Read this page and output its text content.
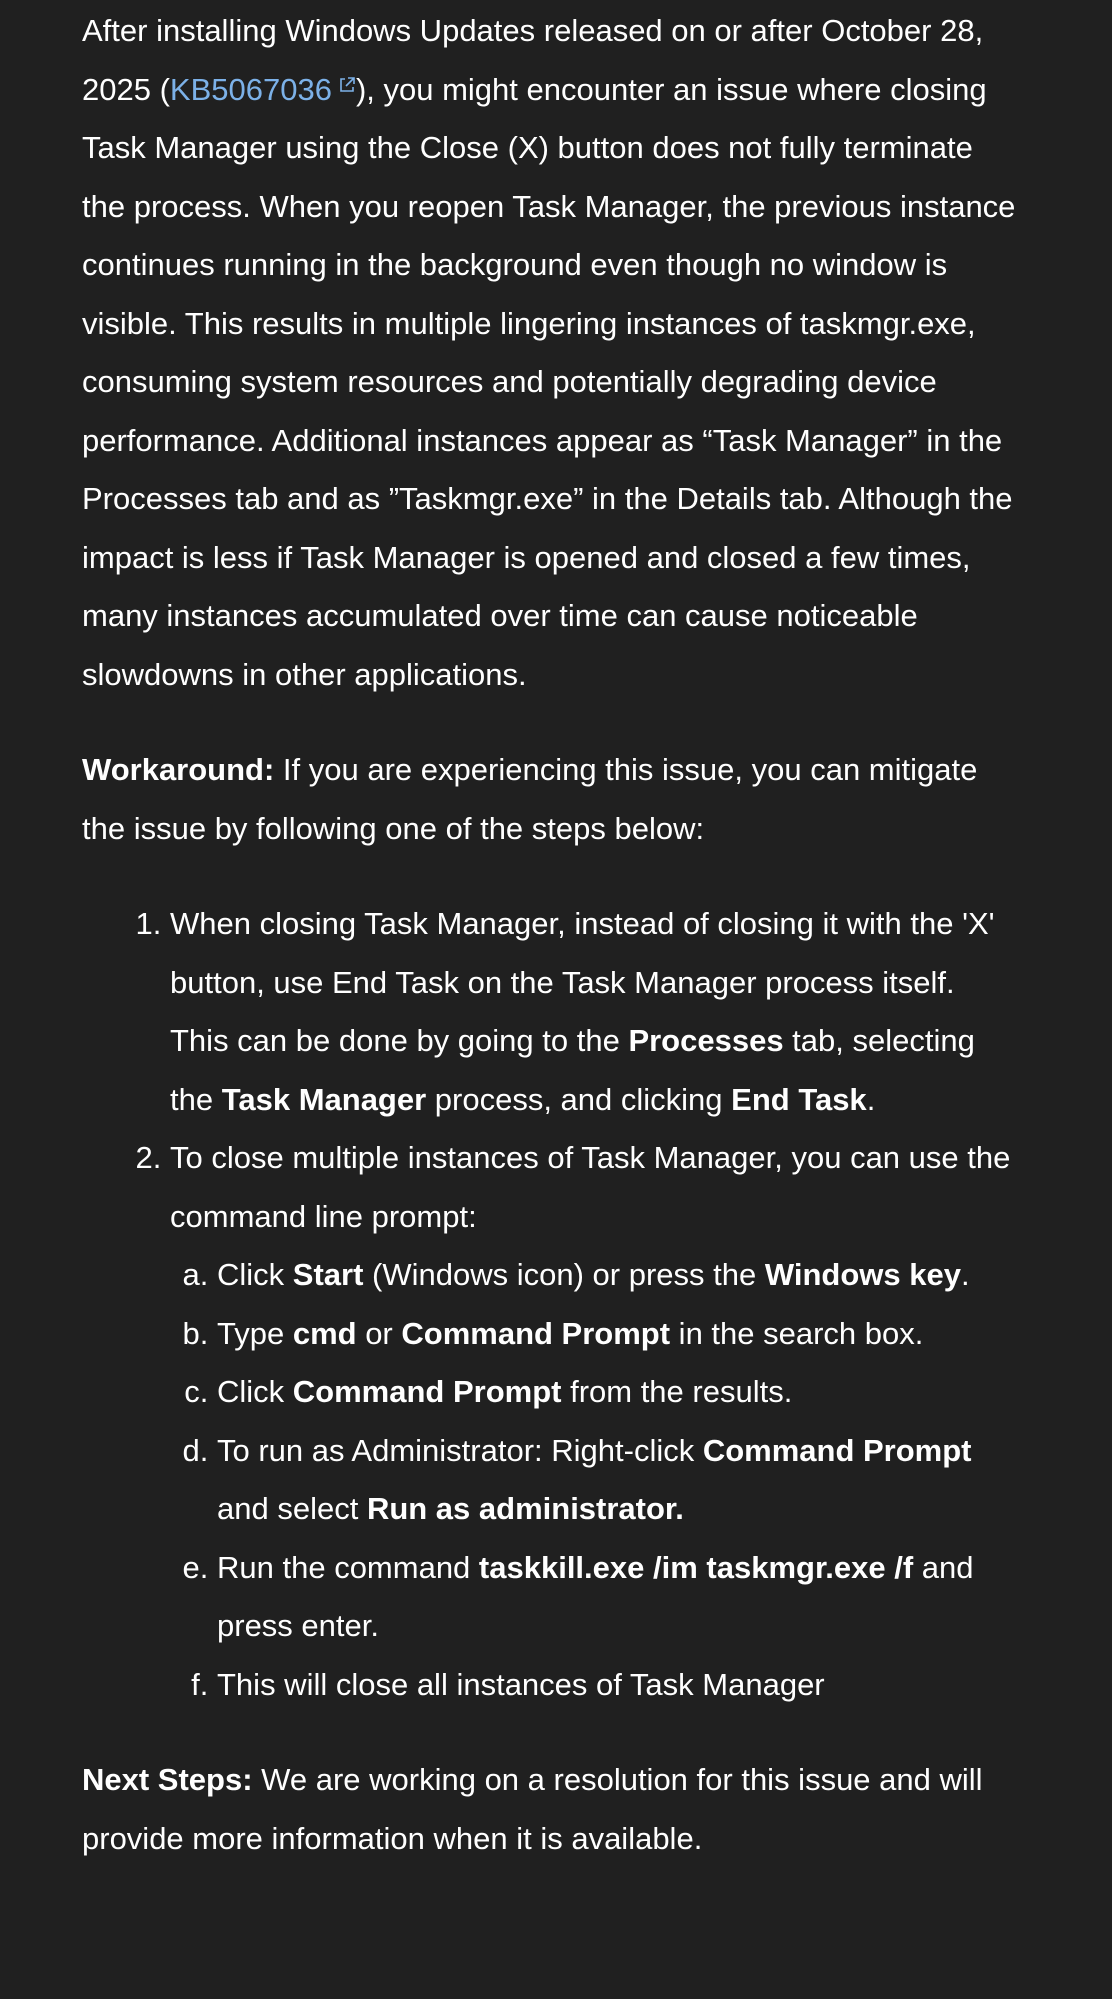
After installing Windows Updates released on or after October 28, 2025 (KB5067036 ), you might encounter an issue where closing Task Manager using the Close (X) button does not fully terminate the process. When you reopen Task Manager, the previous instance continues running in the background even though no window is visible. This results in multiple lingering instances of taskmgr.exe, consuming system resources and potentially degrading device performance. Additional instances appear as “Task Manager” in the Processes tab and as ”Taskmgr.exe” in the Details tab. Although the impact is less if Task Manager is opened and closed a few times, many instances accumulated over time can cause noticeable slowdowns in other applications.

Workaround: If you are experiencing this issue, you can mitigate the issue by following one of the steps below:

1. When closing Task Manager, instead of closing it with the 'X' button, use End Task on the Task Manager process itself. This can be done by going to the Processes tab, selecting the Task Manager process, and clicking End Task.
2. To close multiple instances of Task Manager, you can use the command line prompt:
a. Click Start (Windows icon) or press the Windows key.
b. Type cmd or Command Prompt in the search box.
c. Click Command Prompt from the results.
d. To run as Administrator: Right-click Command Prompt and select Run as administrator.
e. Run the command taskkill.exe /im taskmgr.exe /f and press enter.
f. This will close all instances of Task Manager

Next Steps: We are working on a resolution for this issue and will provide more information when it is available.
